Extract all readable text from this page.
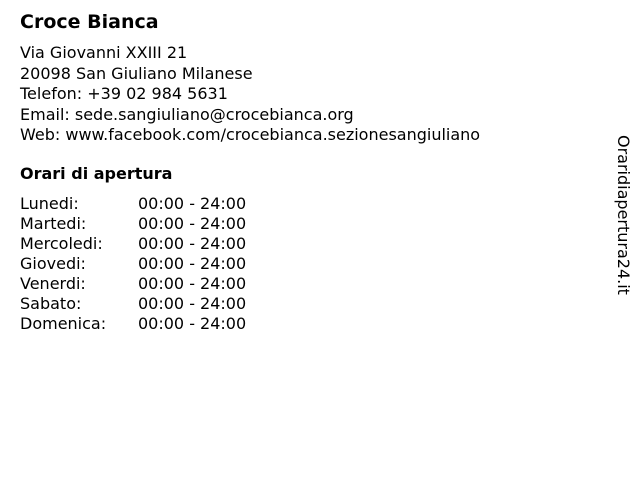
Croce Bianca
Via Giovanni XXIII 21
20098 San Giuliano Milanese
Telefon: +39 02 984 5631
Email: sede.sangiuliano@crocebianca.org
Web: www.facebook.com/crocebianca.sezionesangiuliano
Orari di apertura
Lunedi:	00:00 - 24:00
Martedi:	00:00 - 24:00
Mercoledi:	00:00 - 24:00
Giovedi:	00:00 - 24:00
Venerdi:	00:00 - 24:00
Sabato:	00:00 - 24:00
Domenica:	00:00 - 24:00
Oraridiapertura24.it
